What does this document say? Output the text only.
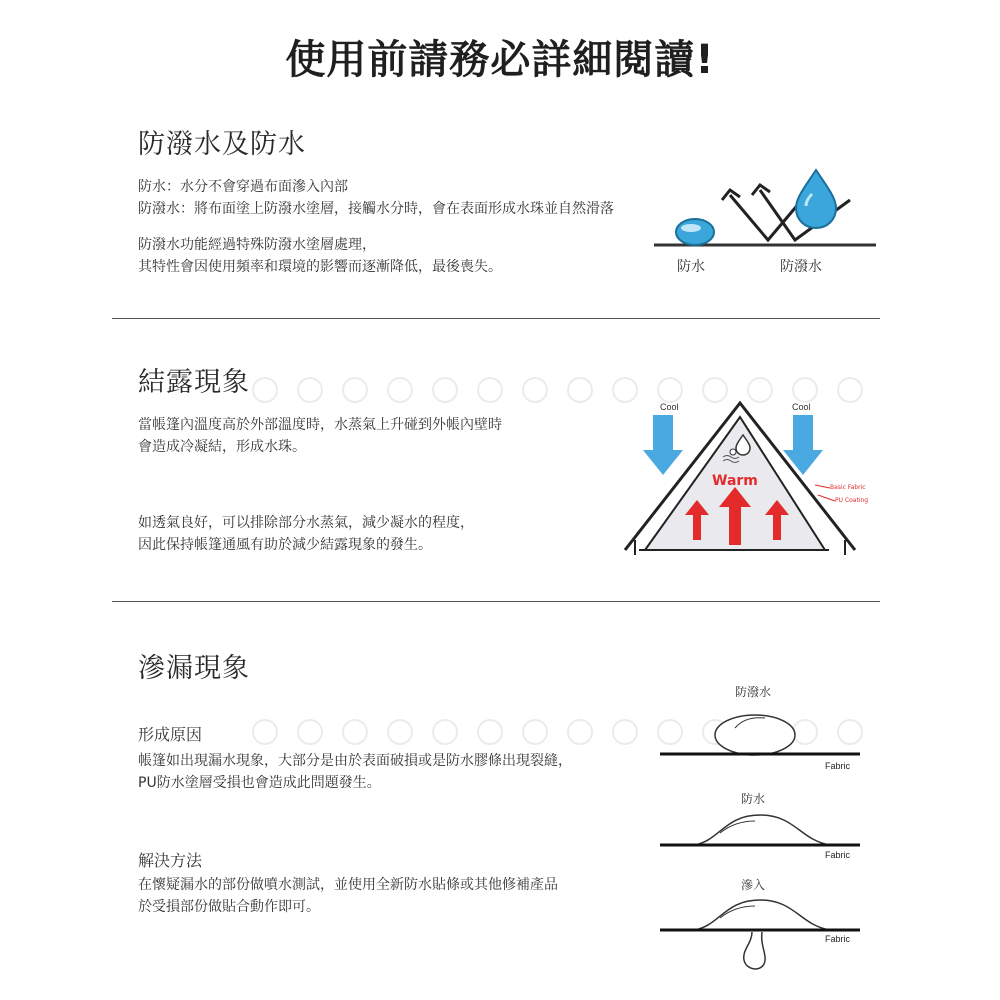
使用前請務必詳細閱讀!
防潑水及防水
防水：水分不會穿過布面滲入內部
防潑水：將布面塗上防潑水塗層，接觸水分時，會在表面形成水珠並自然滑落
防潑水功能經過特殊防潑水塗層處理，
其特性會因使用頻率和環境的影響而逐漸降低，最後喪失。	防水	防潑水
結露現象
當帳篷內溫度高於外部溫度時，水蒸氣上升碰到外帳內壁時
會造成冷凝結，形成水珠。
如透氣良好，可以排除部分水蒸氣，減少凝水的程度，
因此保持帳篷通風有助於減少結露現象的發生。
Cool	Cool
Warm	Basic Fabric
PU Coating
滲漏現象
形成原因
帳篷如出現漏水現象，大部分是由於表面破損或是防水膠條出現裂縫，
PU防水塗層受損也會造成此問題發生。
解決方法
在懷疑漏水的部份做噴水測試，並使用全新防水貼條或其他修補產品
於受損部份做貼合動作即可。
防潑水
Fabric
防水
Fabric
滲入
Fabric
